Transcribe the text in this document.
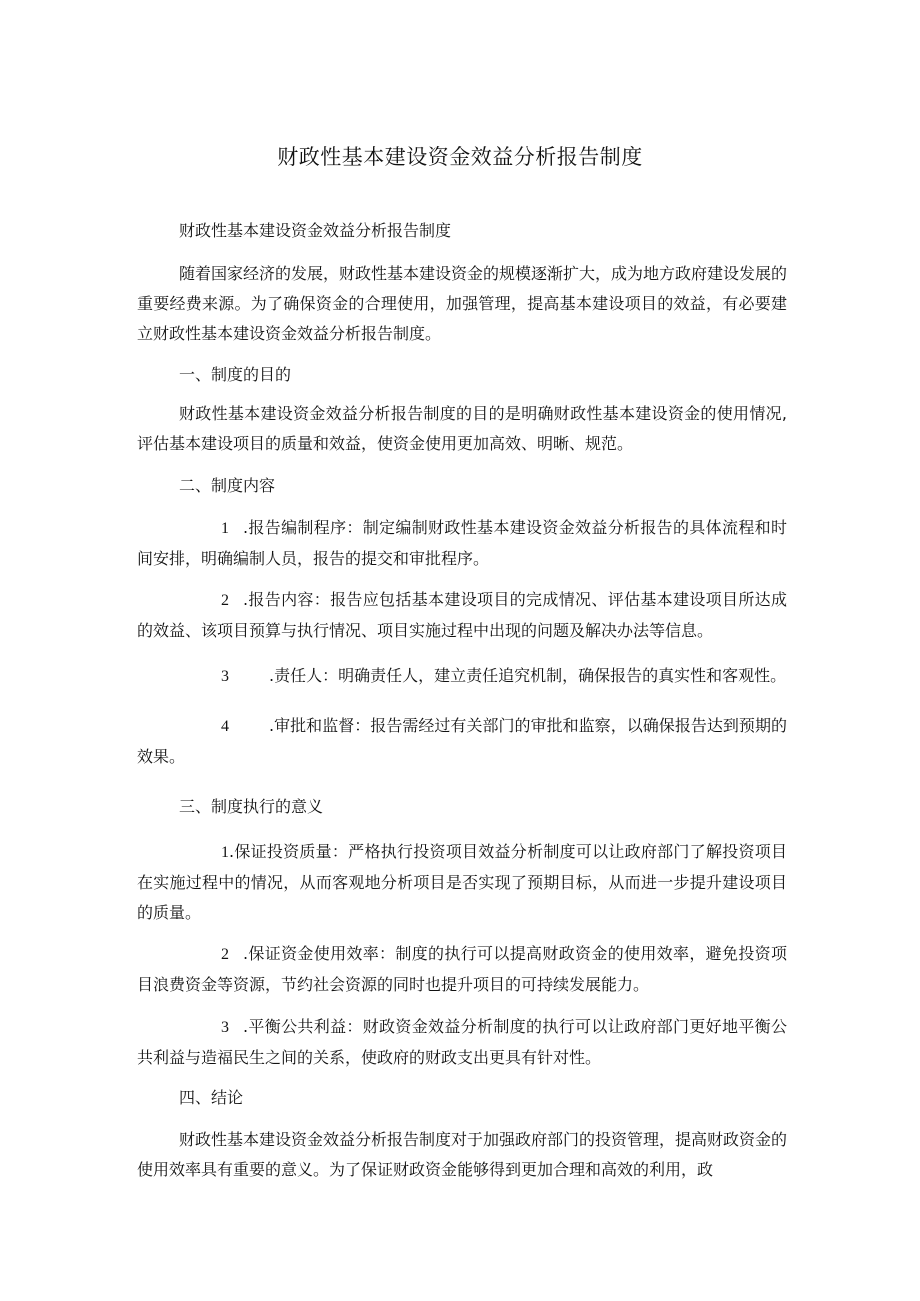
财政性基本建设资金效益分析报告制度

财政性基本建设资金效益分析报告制度

随着国家经济的发展，财政性基本建设资金的规模逐渐扩大，成为地方政府建设发展的重要经费来源。为了确保资金的合理使用，加强管理，提高基本建设项目的效益，有必要建立财政性基本建设资金效益分析报告制度。

一、制度的目的

财政性基本建设资金效益分析报告制度的目的是明确财政性基本建设资金的使用情况,评估基本建设项目的质量和效益，使资金使用更加高效、明晰、规范。

二、制度内容

1 .报告编制程序：制定编制财政性基本建设资金效益分析报告的具体流程和时间安排，明确编制人员，报告的提交和审批程序。

2 .报告内容：报告应包括基本建设项目的完成情况、评估基本建设项目所达成的效益、该项目预算与执行情况、项目实施过程中出现的问题及解决办法等信息。

3	.责任人：明确责任人，建立责任追究机制，确保报告的真实性和客观性。

4	.审批和监督：报告需经过有关部门的审批和监察，以确保报告达到预期的效果。

三、制度执行的意义

1.保证投资质量：严格执行投资项目效益分析制度可以让政府部门了解投资项目在实施过程中的情况，从而客观地分析项目是否实现了预期目标，从而进一步提升建设项目的质量。

2 .保证资金使用效率：制度的执行可以提高财政资金的使用效率，避免投资项目浪费资金等资源，节约社会资源的同时也提升项目的可持续发展能力。

3 .平衡公共利益：财政资金效益分析制度的执行可以让政府部门更好地平衡公共利益与造福民生之间的关系，使政府的财政支出更具有针对性。

四、结论

财政性基本建设资金效益分析报告制度对于加强政府部门的投资管理，提高财政资金的使用效率具有重要的意义。为了保证财政资金能够得到更加合理和高效的利用，政
